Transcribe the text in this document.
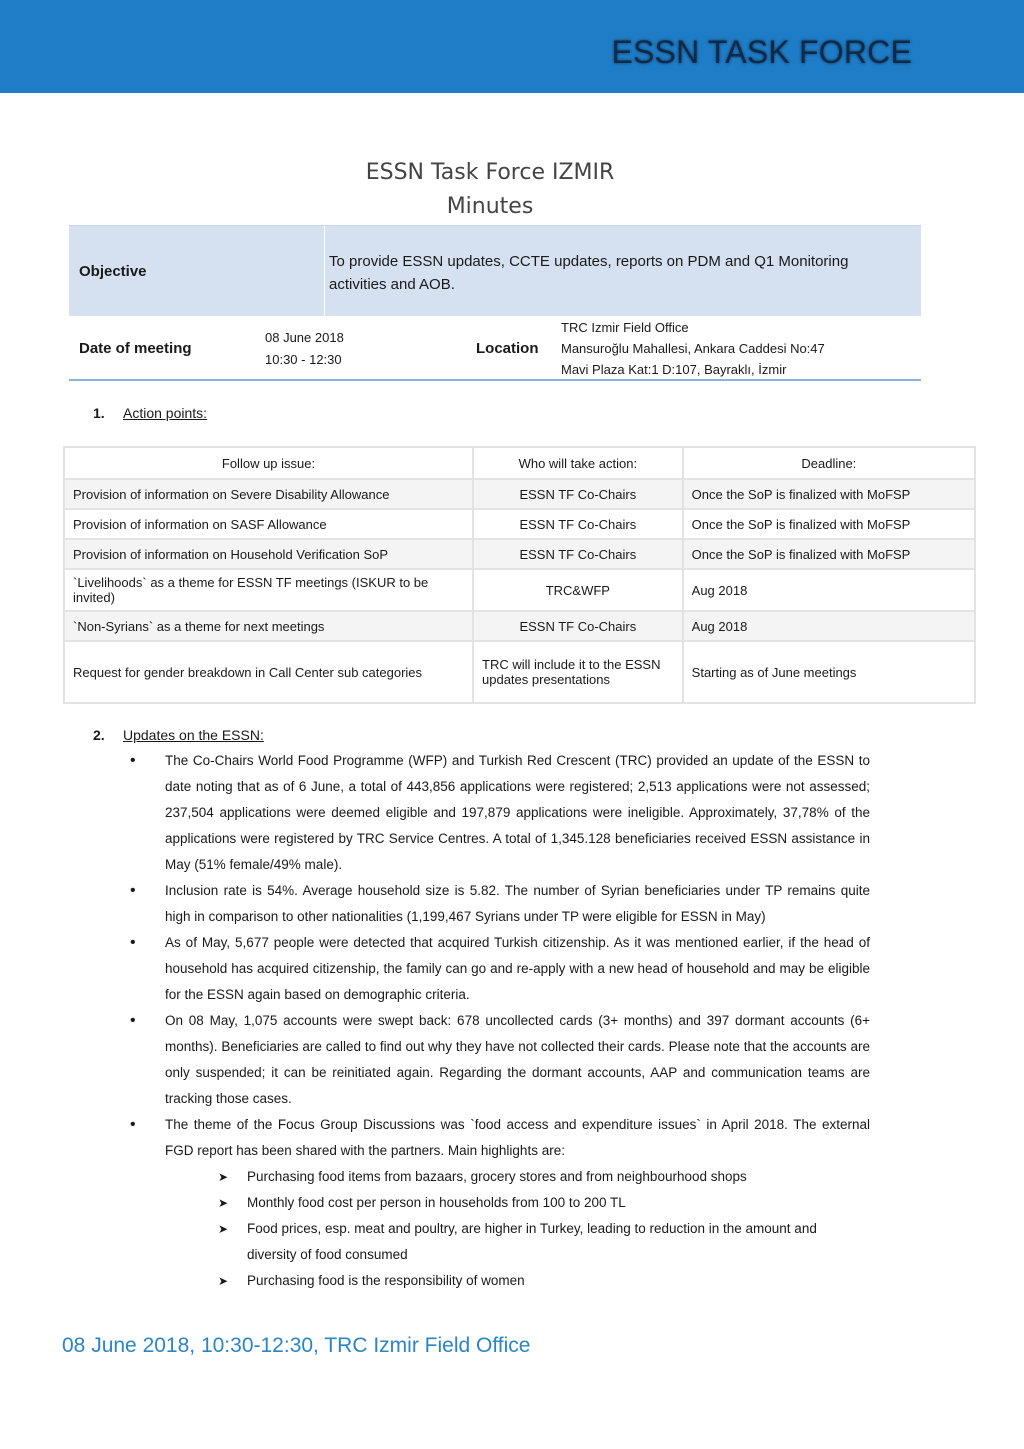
ESSN TASK FORCE
ESSN Task Force IZMIR
Minutes
Objective
To provide ESSN updates, CCTE updates, reports on PDM and Q1 Monitoring activities and AOB.
Date of meeting
08 June 2018
10:30 - 12:30
Location
TRC Izmir Field Office
Mansuroğlu Mahallesi, Ankara Caddesi No:47
Mavi Plaza Kat:1 D:107, Bayraklı, İzmir
1. Action points:
Follow up issue:	Who will take action:	Deadline:
Provision of information on Severe Disability Allowance	ESSN TF Co-Chairs	Once the SoP is finalized with MoFSP
Provision of information on SASF Allowance	ESSN TF Co-Chairs	Once the SoP is finalized with MoFSP
Provision of information on Household Verification SoP	ESSN TF Co-Chairs	Once the SoP is finalized with MoFSP
`Livelihoods` as a theme for ESSN TF meetings (ISKUR to be invited)	TRC&WFP	Aug 2018
`Non-Syrians` as a theme for next meetings	ESSN TF Co-Chairs	Aug 2018
Request for gender breakdown in Call Center sub categories	TRC will include it to the ESSN updates presentations	Starting as of June meetings
2. Updates on the ESSN:
• The Co-Chairs World Food Programme (WFP) and Turkish Red Crescent (TRC) provided an update of the ESSN to date noting that as of 6 June, a total of 443,856 applications were registered; 2,513 applications were not assessed; 237,504 applications were deemed eligible and 197,879 applications were ineligible. Approximately, 37,78% of the applications were registered by TRC Service Centres. A total of 1,345.128 beneficiaries received ESSN assistance in May (51% female/49% male).
• Inclusion rate is 54%. Average household size is 5.82. The number of Syrian beneficiaries under TP remains quite high in comparison to other nationalities (1,199,467 Syrians under TP were eligible for ESSN in May)
• As of May, 5,677 people were detected that acquired Turkish citizenship. As it was mentioned earlier, if the head of household has acquired citizenship, the family can go and re-apply with a new head of household and may be eligible for the ESSN again based on demographic criteria.
• On 08 May, 1,075 accounts were swept back: 678 uncollected cards (3+ months) and 397 dormant accounts (6+ months). Beneficiaries are called to find out why they have not collected their cards. Please note that the accounts are only suspended; it can be reinitiated again. Regarding the dormant accounts, AAP and communication teams are tracking those cases.
• The theme of the Focus Group Discussions was `food access and expenditure issues` in April 2018. The external FGD report has been shared with the partners. Main highlights are:
➤ Purchasing food items from bazaars, grocery stores and from neighbourhood shops
➤ Monthly food cost per person in households from 100 to 200 TL
➤ Food prices, esp. meat and poultry, are higher in Turkey, leading to reduction in the amount and diversity of food consumed
➤ Purchasing food is the responsibility of women
08 June 2018, 10:30-12:30, TRC Izmir Field Office
